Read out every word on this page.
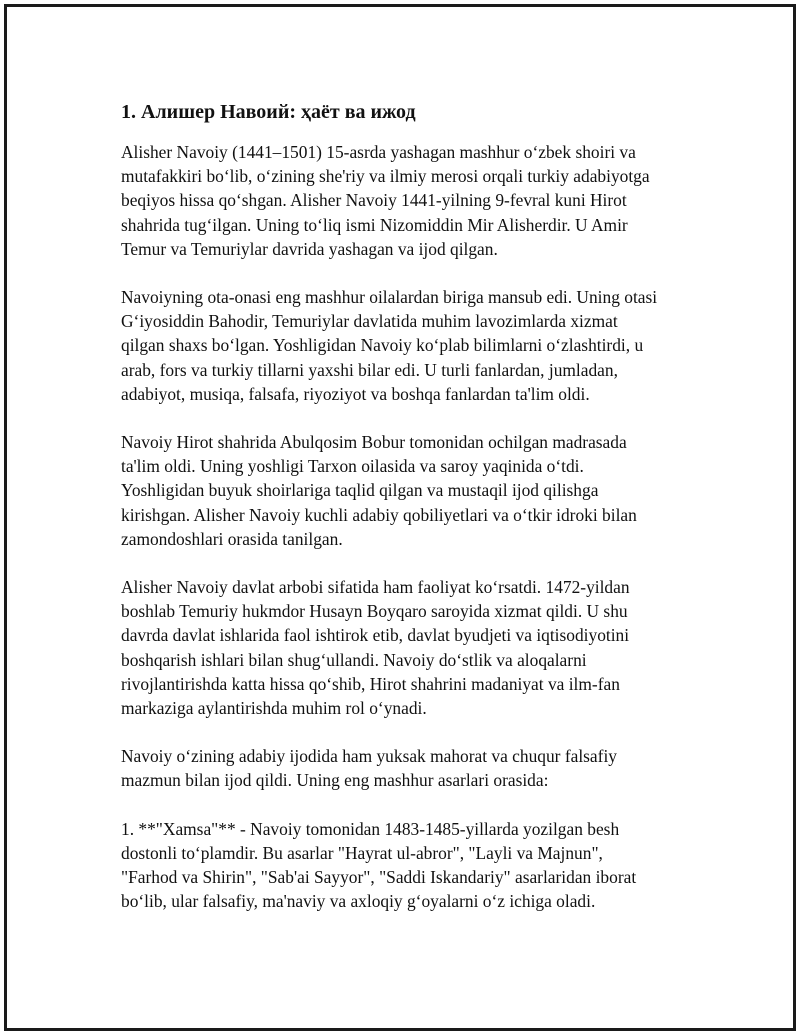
1. Алишер Навоий: ҳаёт ва ижод

Alisher Navoiy (1441–1501) 15-asrda yashagan mashhur o‘zbek shoiri va
mutafakkiri bo‘lib, o‘zining she'riy va ilmiy merosi orqali turkiy adabiyotga
beqiyos hissa qo‘shgan. Alisher Navoiy 1441-yilning 9-fevral kuni Hirot
shahrida tug‘ilgan. Uning to‘liq ismi Nizomiddin Mir Alisherdir. U Amir
Temur va Temuriylar davrida yashagan va ijod qilgan.

Navoiyning ota-onasi eng mashhur oilalardan biriga mansub edi. Uning otasi
G‘iyosiddin Bahodir, Temuriylar davlatida muhim lavozimlarda xizmat
qilgan shaxs bo‘lgan. Yoshligidan Navoiy ko‘plab bilimlarni o‘zlashtirdi, u
arab, fors va turkiy tillarni yaxshi bilar edi. U turli fanlardan, jumladan,
adabiyot, musiqa, falsafa, riyoziyot va boshqa fanlardan ta'lim oldi.

Navoiy Hirot shahrida Abulqosim Bobur tomonidan ochilgan madrasada
ta'lim oldi. Uning yoshligi Tarxon oilasida va saroy yaqinida o‘tdi.
Yoshligidan buyuk shoirlariga taqlid qilgan va mustaqil ijod qilishga
kirishgan. Alisher Navoiy kuchli adabiy qobiliyetlari va o‘tkir idroki bilan
zamondoshlari orasida tanilgan.

Alisher Navoiy davlat arbobi sifatida ham faoliyat ko‘rsatdi. 1472-yildan
boshlab Temuriy hukmdor Husayn Boyqaro saroyida xizmat qildi. U shu
davrda davlat ishlarida faol ishtirok etib, davlat byudjeti va iqtisodiyotini
boshqarish ishlari bilan shug‘ullandi. Navoiy do‘stlik va aloqalarni
rivojlantirishda katta hissa qo‘shib, Hirot shahrini madaniyat va ilm-fan
markaziga aylantirishda muhim rol o‘ynadi.

Navoiy o‘zining adabiy ijodida ham yuksak mahorat va chuqur falsafiy
mazmun bilan ijod qildi. Uning eng mashhur asarlari orasida:

1. **"Xamsa"** - Navoiy tomonidan 1483-1485-yillarda yozilgan besh
dostonli to‘plamdir. Bu asarlar "Hayrat ul-abror", "Layli va Majnun",
"Farhod va Shirin", "Sab'ai Sayyor", "Saddi Iskandariy" asarlaridan iborat
bo‘lib, ular falsafiy, ma'naviy va axloqiy g‘oyalarni o‘z ichiga oladi.
